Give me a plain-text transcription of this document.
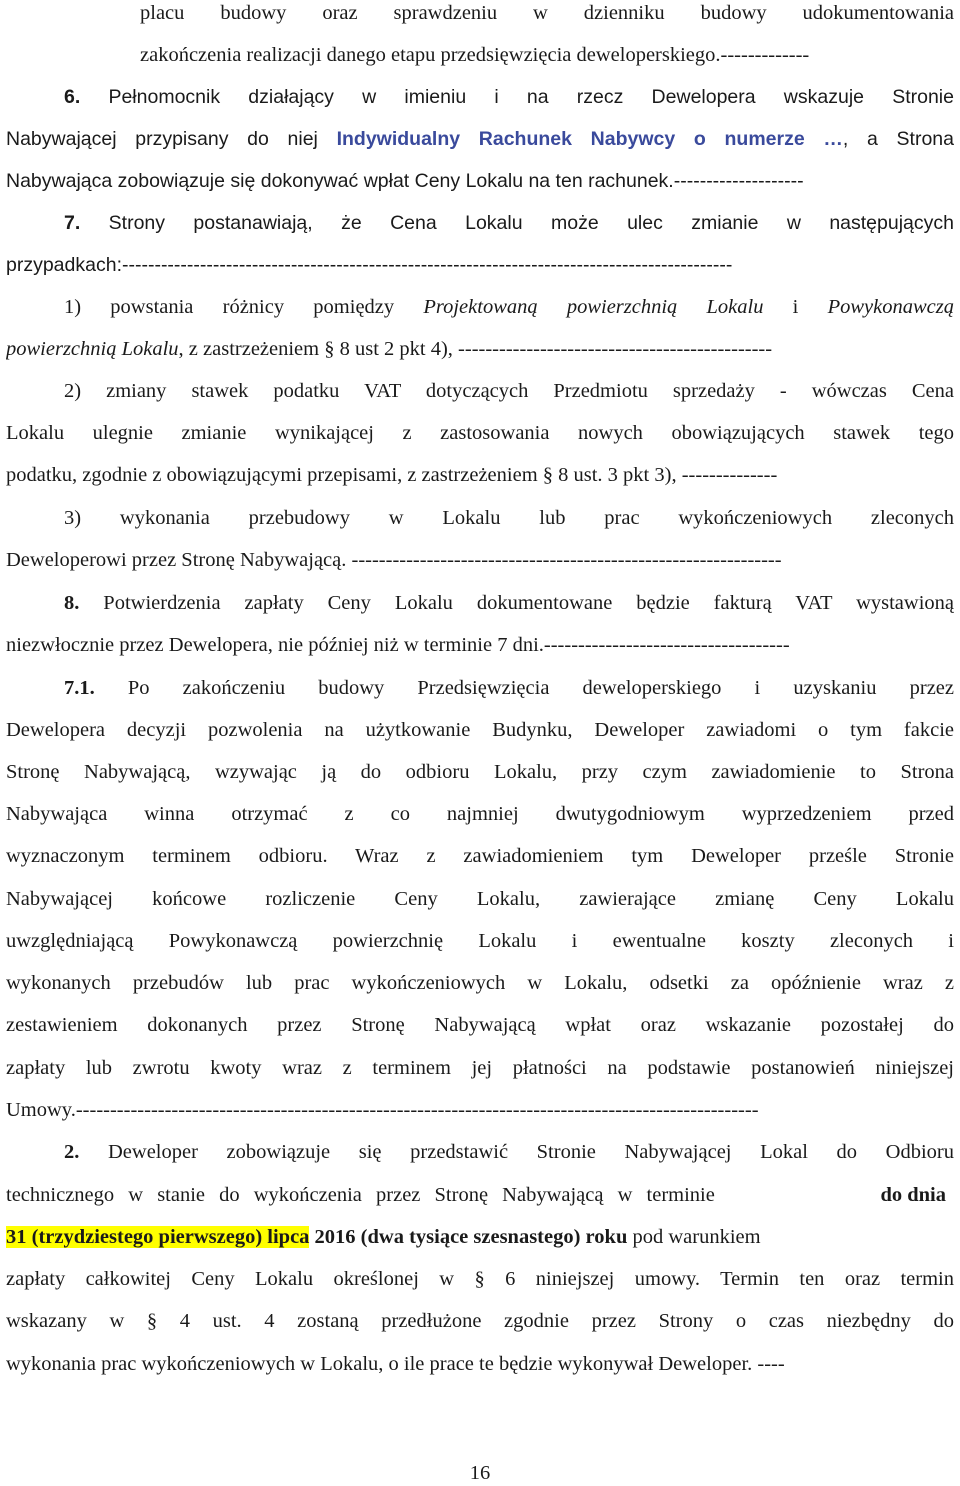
placu budowy oraz sprawdzeniu w dzienniku budowy udokumentowania
zakończenia realizacji danego etapu przedsięwzięcia deweloperskiego.-------------
6. Pełnomocnik działający w imieniu i na rzecz Dewelopera wskazuje Stronie
Nabywającej przypisany do niej Indywidualny Rachunek Nabywcy o numerze …, a Strona
Nabywająca zobowiązuje się dokonywać wpłat Ceny Lokalu na ten rachunek.--------------------
7. Strony postanawiają, że Cena Lokalu może ulec zmianie w następujących
przypadkach:----------------------------------------------------------------------------------------------
1) powstania różnicy pomiędzy Projektowaną powierzchnią Lokalu i Powykonawczą
powierzchnią Lokalu, z zastrzeżeniem § 8 ust 2 pkt 4), ----------------------------------------------
2) zmiany stawek podatku VAT dotyczących Przedmiotu sprzedaży - wówczas Cena
Lokalu ulegnie zmianie wynikającej z zastosowania nowych obowiązujących stawek tego
podatku, zgodnie z obowiązującymi przepisami, z zastrzeżeniem § 8 ust. 3 pkt 3), --------------
3) wykonania przebudowy w Lokalu lub prac wykończeniowych zleconych
Deweloperowi przez Stronę Nabywającą. ---------------------------------------------------------------
8. Potwierdzenia zapłaty Ceny Lokalu dokumentowane będzie fakturą VAT wystawioną
niezwłocznie przez Dewelopera, nie później niż w terminie 7 dni.------------------------------------
7.1. Po zakończeniu budowy Przedsięwzięcia deweloperskiego i uzyskaniu przez
Dewelopera decyzji pozwolenia na użytkowanie Budynku, Deweloper zawiadomi o tym fakcie
Stronę Nabywającą, wzywając ją do odbioru Lokalu, przy czym zawiadomienie to Strona
Nabywająca winna otrzymać z co najmniej dwutygodniowym wyprzedzeniem przed
wyznaczonym terminem odbioru. Wraz z zawiadomieniem tym Deweloper prześle Stronie
Nabywającej końcowe rozliczenie Ceny Lokalu, zawierające zmianę Ceny Lokalu
uwzględniającą Powykonawczą powierzchnię Lokalu i ewentualne koszty zleconych i
wykonanych przebudów lub prac wykończeniowych w Lokalu, odsetki za opóźnienie wraz z
zestawieniem dokonanych przez Stronę Nabywającą wpłat oraz wskazanie pozostałej do
zapłaty lub zwrotu kwoty wraz z terminem jej płatności na podstawie postanowień niniejszej
Umowy.----------------------------------------------------------------------------------------------------
2. Deweloper zobowiązuje się przedstawić Stronie Nabywającej Lokal do Odbioru
technicznego w stanie do wykończenia przez Stronę Nabywającą w terminie	do dnia
31 (trzydziestego pierwszego) lipca 2016 (dwa tysiące szesnastego) roku pod warunkiem
zapłaty całkowitej Ceny Lokalu określonej w § 6 niniejszej umowy. Termin ten oraz termin
wskazany w § 4 ust. 4 zostaną przedłużone zgodnie przez Strony o czas niezbędny do
wykonania prac wykończeniowych w Lokalu, o ile prace te będzie wykonywał Deweloper. ----
16
